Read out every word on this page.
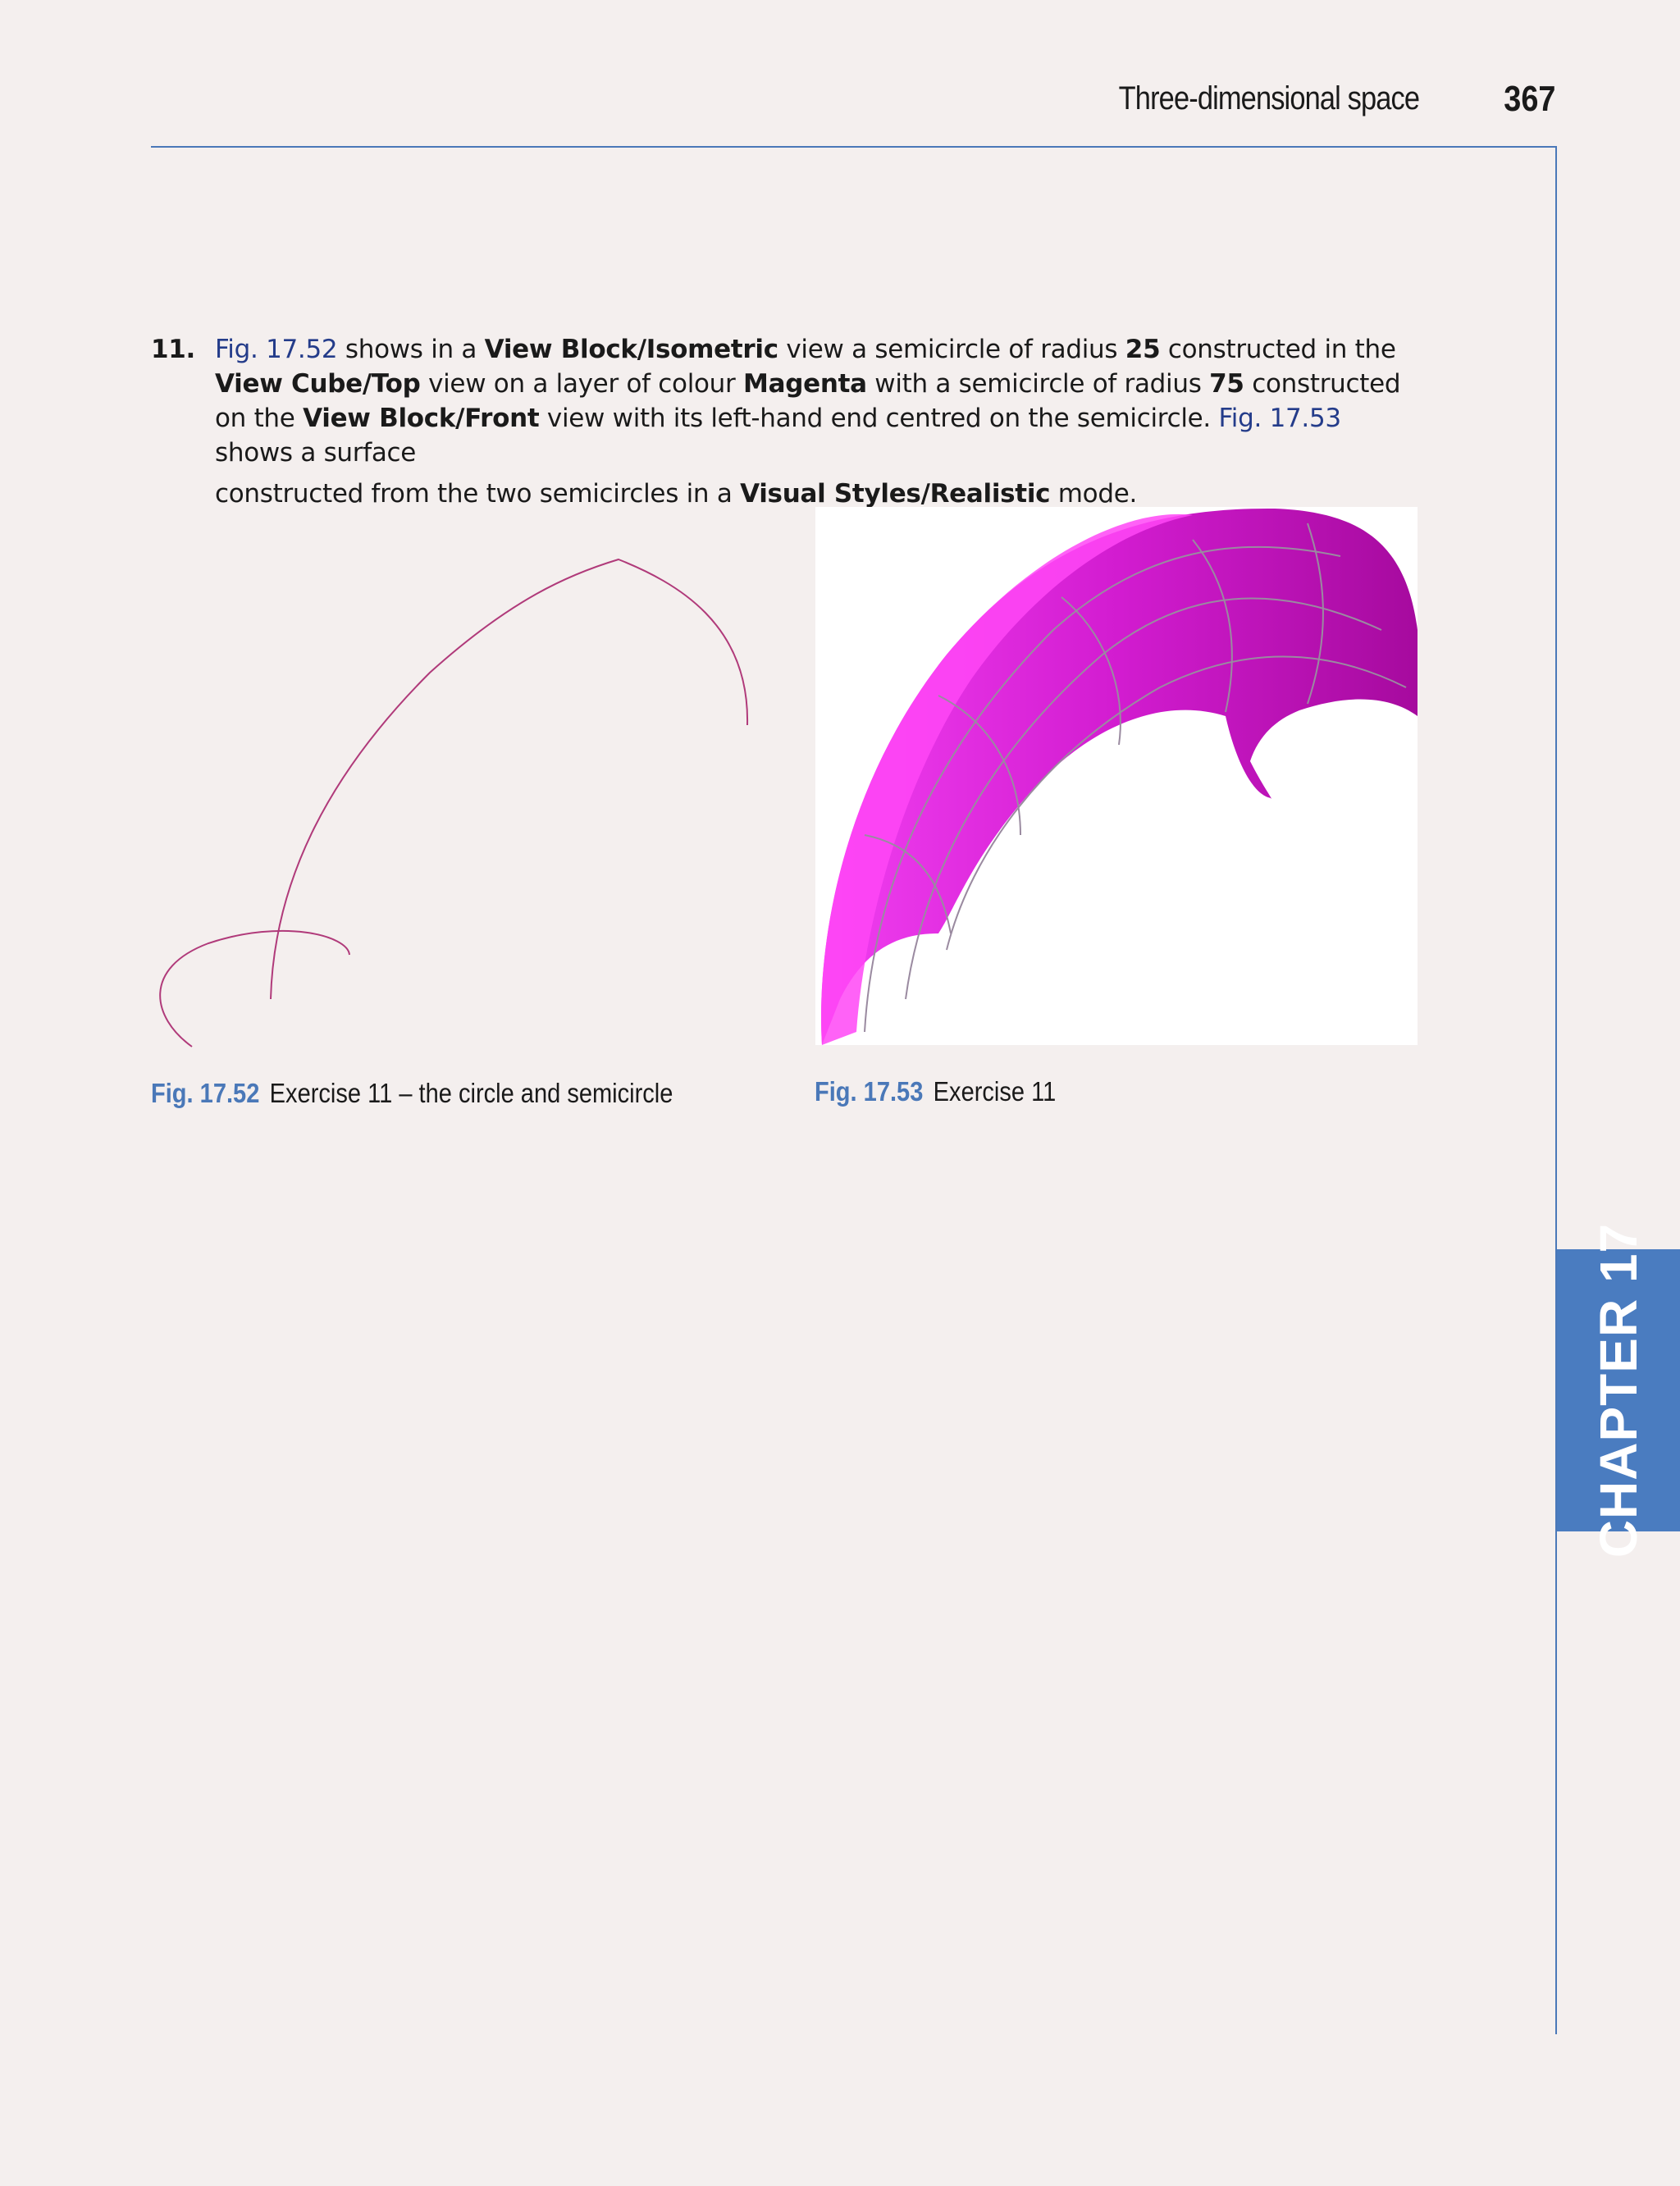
Three-dimensional space 367
11. Fig. 17.52 shows in a View Block/Isometric view a semicircle of radius 25 constructed in the View Cube/Top view on a layer of colour Magenta with a semicircle of radius 75 constructed on the View Block/Front view with its left-hand end centred on the semicircle. Fig. 17.53 shows a surface
constructed from the two semicircles in a Visual Styles/Realistic mode.
Fig. 17.52 Exercise 11 – the circle and semicircle	Fig. 17.53 Exercise 11
CHAPTER 17
